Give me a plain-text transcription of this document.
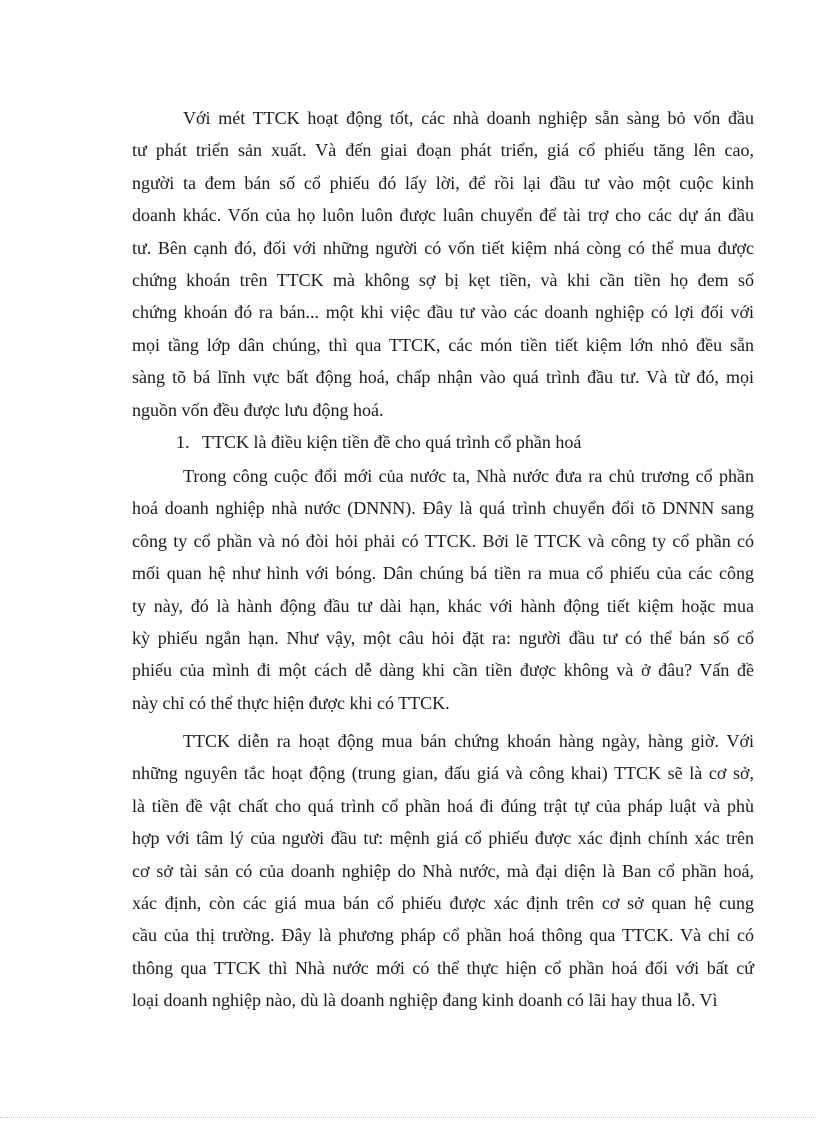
Với mét TTCK hoạt động tốt, các nhà doanh nghiệp sẵn sàng bỏ vốn đầu
tư phát triển sản xuất. Và đến giai đoạn phát triển, giá cổ phiếu tăng lên cao,
người ta đem bán số cổ phiếu đó lấy lời, để rồi lại đầu tư vào một cuộc kinh
doanh khác. Vốn của họ luôn luôn được luân chuyển để tài trợ cho các dự án đầu
tư. Bên cạnh đó, đối với những người có vốn tiết kiệm nhá còng có thể mua được
chứng khoán trên TTCK mà không sợ bị kẹt tiền, và khi cần tiền họ đem số
chứng khoán đó ra bán... một khi việc đầu tư vào các doanh nghiệp có lợi đối với
mọi tầng lớp dân chúng, thì qua TTCK, các món tiền tiết kiệm lớn nhỏ đều sẵn
sàng tõ bá lĩnh vực bất động hoá, chấp nhận vào quá trình đầu tư. Và từ đó, mọi
nguồn vốn đều được lưu động hoá.
1. TTCK là điều kiện tiền đề cho quá trình cổ phần hoá
Trong công cuộc đổi mới của nước ta, Nhà nước đưa ra chủ trương cổ phần
hoá doanh nghiệp nhà nước (DNNN). Đây là quá trình chuyển đổi tõ DNNN sang
công ty cổ phần và nó đòi hỏi phải có TTCK. Bởi lẽ TTCK và công ty cổ phần có
mối quan hệ như hình với bóng. Dân chúng bá tiền ra mua cổ phiếu của các công
ty này, đó là hành động đầu tư dài hạn, khác với hành động tiết kiệm hoặc mua
kỳ phiếu ngắn hạn. Như vậy, một câu hỏi đặt ra: người đầu tư có thể bán số cổ
phiếu của mình đi một cách dễ dàng khi cần tiền được không và ở đâu? Vấn đề
này chỉ có thể thực hiện được khi có TTCK.
TTCK diễn ra hoạt động mua bán chứng khoán hàng ngày, hàng giờ. Với
những nguyên tắc hoạt động (trung gian, đấu giá và công khai) TTCK sẽ là cơ sở,
là tiền đề vật chất cho quá trình cổ phần hoá đi đúng trật tự của pháp luật và phù
hợp với tâm lý của người đầu tư: mệnh giá cổ phiếu được xác định chính xác trên
cơ sở tài sản có của doanh nghiệp do Nhà nước, mà đại diện là Ban cổ phần hoá,
xác định, còn các giá mua bán cổ phiếu được xác định trên cơ sở quan hệ cung
cầu của thị trường. Đây là phương pháp cổ phần hoá thông qua TTCK. Và chỉ có
thông qua TTCK thì Nhà nước mới có thể thực hiện cổ phần hoá đối với bất cứ
loại doanh nghiệp nào, dù là doanh nghiệp đang kinh doanh có lãi hay thua lỗ. Vì
